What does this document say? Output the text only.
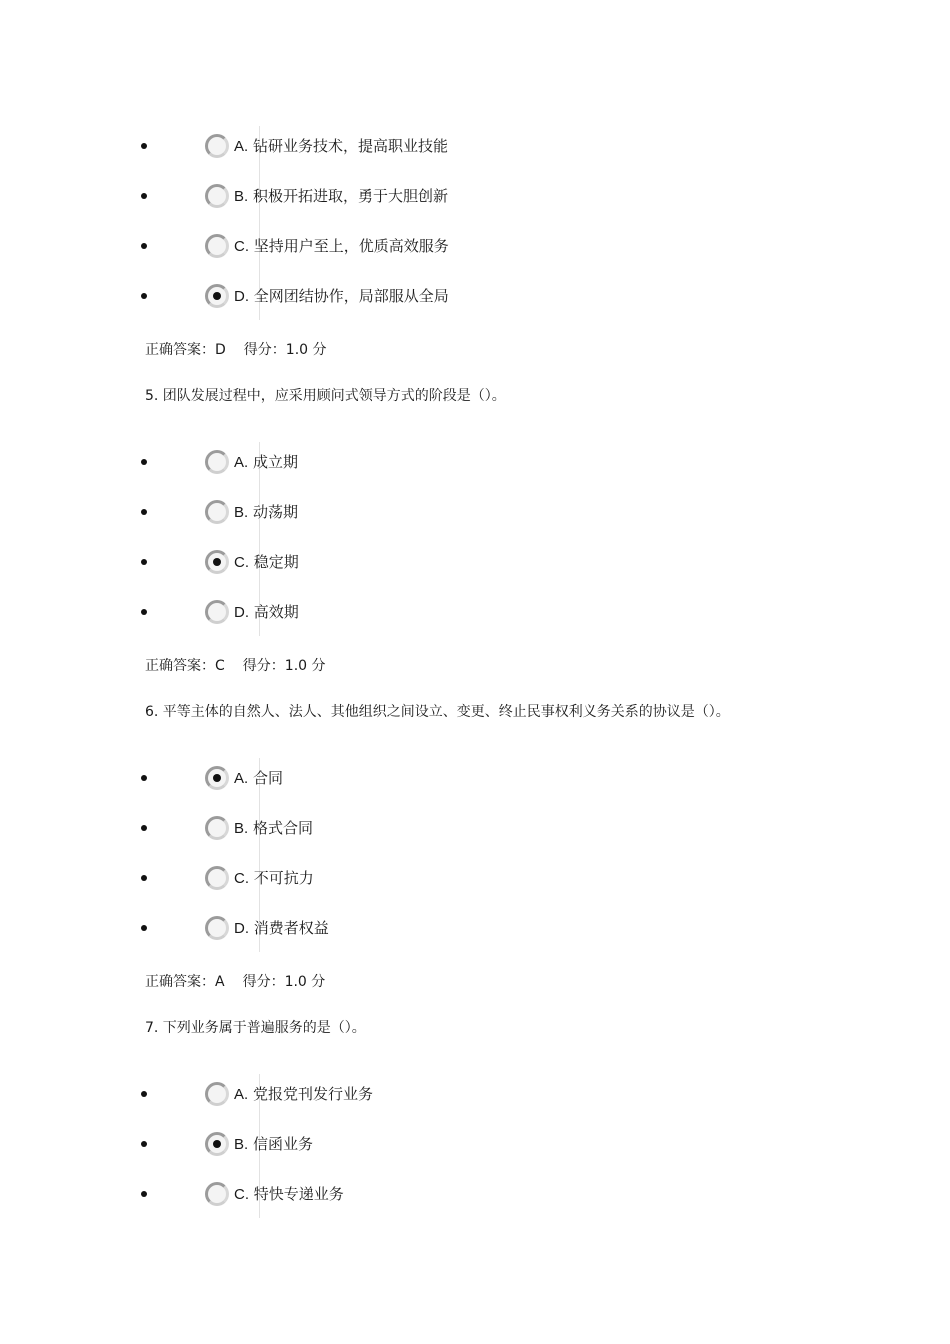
A. 钻研业务技术，提高职业技能
B. 积极开拓进取，勇于大胆创新
C. 坚持用户至上，优质高效服务
D. 全网团结协作，局部服从全局
正确答案：D 得分：1.0 分
5. 团队发展过程中，应采用顾问式领导方式的阶段是（）。
A. 成立期
B. 动荡期
C. 稳定期
D. 高效期
正确答案：C 得分：1.0 分
6. 平等主体的自然人、法人、其他组织之间设立、变更、终止民事权利义务关系的协议是（）。
A. 合同
B. 格式合同
C. 不可抗力
D. 消费者权益
正确答案：A 得分：1.0 分
7. 下列业务属于普遍服务的是（）。
A. 党报党刊发行业务
B. 信函业务
C. 特快专递业务
